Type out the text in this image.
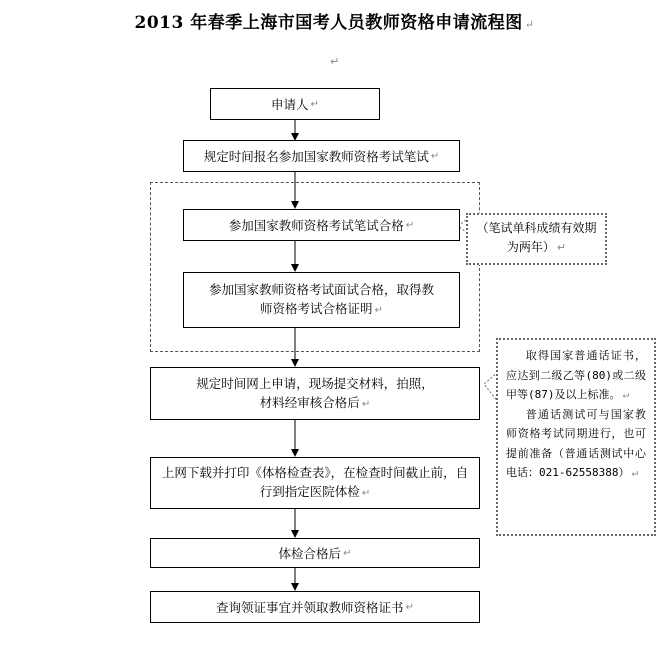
2013 年春季上海市国考人员教师资格申请流程图 ↵
↵
申请人 ↵
规定时间报名参加国家教师资格考试笔试 ↵
参加国家教师资格考试笔试合格 ↵
参加国家教师资格考试面试合格，取得教师资格考试合格证明 ↵
规定时间网上申请，现场提交材料，拍照，材料经审核合格后 ↵
上网下载并打印《体格检查表》，在检查时间截止前，自行到指定医院体检 ↵
体检合格后 ↵
查询领证事宜并领取教师资格证书 ↵
（笔试单科成绩有效期为两年） ↵

取得国家普通话证书，应达到二级乙等(80)或二级甲等(87)及以上标准。 ↵

普通话测试可与国家教师资格考试同期进行，也可提前准备（普通话测试中心电话：021-62558388） ↵
